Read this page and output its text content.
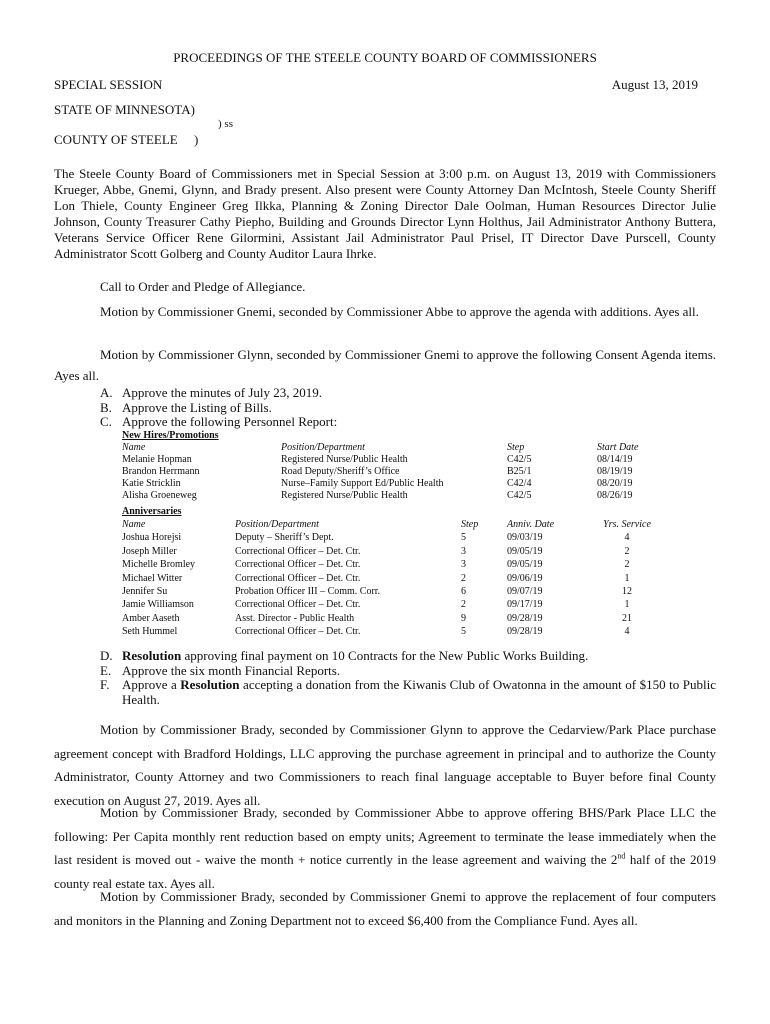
PROCEEDINGS OF THE STEELE COUNTY BOARD OF COMMISSIONERS
SPECIAL SESSION	August 13, 2019
STATE OF MINNESOTA)
) ss
COUNTY OF STEELE     )
The Steele County Board of Commissioners met in Special Session at 3:00 p.m. on August 13, 2019 with Commissioners Krueger, Abbe, Gnemi, Glynn, and Brady present. Also present were County Attorney Dan McIntosh, Steele County Sheriff Lon Thiele, County Engineer Greg Ilkka, Planning & Zoning Director Dale Oolman, Human Resources Director Julie Johnson, County Treasurer Cathy Piepho, Building and Grounds Director Lynn Holthus, Jail Administrator Anthony Buttera, Veterans Service Officer Rene Gilormini, Assistant Jail Administrator Paul Prisel, IT Director Dave Purscell, County Administrator Scott Golberg and County Auditor Laura Ihrke.
Call to Order and Pledge of Allegiance.
Motion by Commissioner Gnemi, seconded by Commissioner Abbe to approve the agenda with additions. Ayes all.
Motion by Commissioner Glynn, seconded by Commissioner Gnemi to approve the following Consent Agenda items. Ayes all.
A. Approve the minutes of July 23, 2019.
B. Approve the Listing of Bills.
C. Approve the following Personnel Report:
New Hires/Promotions
Name	Position/Department	Step	Start Date
Melanie Hopman	Registered Nurse/Public Health	C42/5	08/14/19
Brandon Herrmann	Road Deputy/Sheriff’s Office	B25/1	08/19/19
Katie Stricklin	Nurse–Family Support Ed/Public Health	C42/4	08/20/19
Alisha Groeneweg	Registered Nurse/Public Health	C42/5	08/26/19
Anniversaries
Name	Position/Department	Step	Anniv. Date	Yrs. Service
Joshua Horejsi	Deputy – Sheriff’s Dept.	5	09/03/19	4
Joseph Miller	Correctional Officer – Det. Ctr.	3	09/05/19	2
Michelle Bromley	Correctional Officer – Det. Ctr.	3	09/05/19	2
Michael Witter	Correctional Officer – Det. Ctr.	2	09/06/19	1
Jennifer Su	Probation Officer III – Comm. Corr.	6	09/07/19	12
Jamie Williamson	Correctional Officer – Det. Ctr.	2	09/17/19	1
Amber Aaseth	Asst. Director - Public Health	9	09/28/19	21
Seth Hummel	Correctional Officer – Det. Ctr.	5	09/28/19	4
D. Resolution approving final payment on 10 Contracts for the New Public Works Building.
E. Approve the six month Financial Reports.
F. Approve a Resolution accepting a donation from the Kiwanis Club of Owatonna in the amount of $150 to Public Health.
Motion by Commissioner Brady, seconded by Commissioner Glynn to approve the Cedarview/Park Place purchase agreement concept with Bradford Holdings, LLC approving the purchase agreement in principal and to authorize the County Administrator, County Attorney and two Commissioners to reach final language acceptable to Buyer before final County execution on August 27, 2019. Ayes all.
Motion by Commissioner Brady, seconded by Commissioner Abbe to approve offering BHS/Park Place LLC the following: Per Capita monthly rent reduction based on empty units; Agreement to terminate the lease immediately when the last resident is moved out - waive the month + notice currently in the lease agreement and waiving the 2nd half of the 2019 county real estate tax. Ayes all.
Motion by Commissioner Brady, seconded by Commissioner Gnemi to approve the replacement of four computers and monitors in the Planning and Zoning Department not to exceed $6,400 from the Compliance Fund. Ayes all.
